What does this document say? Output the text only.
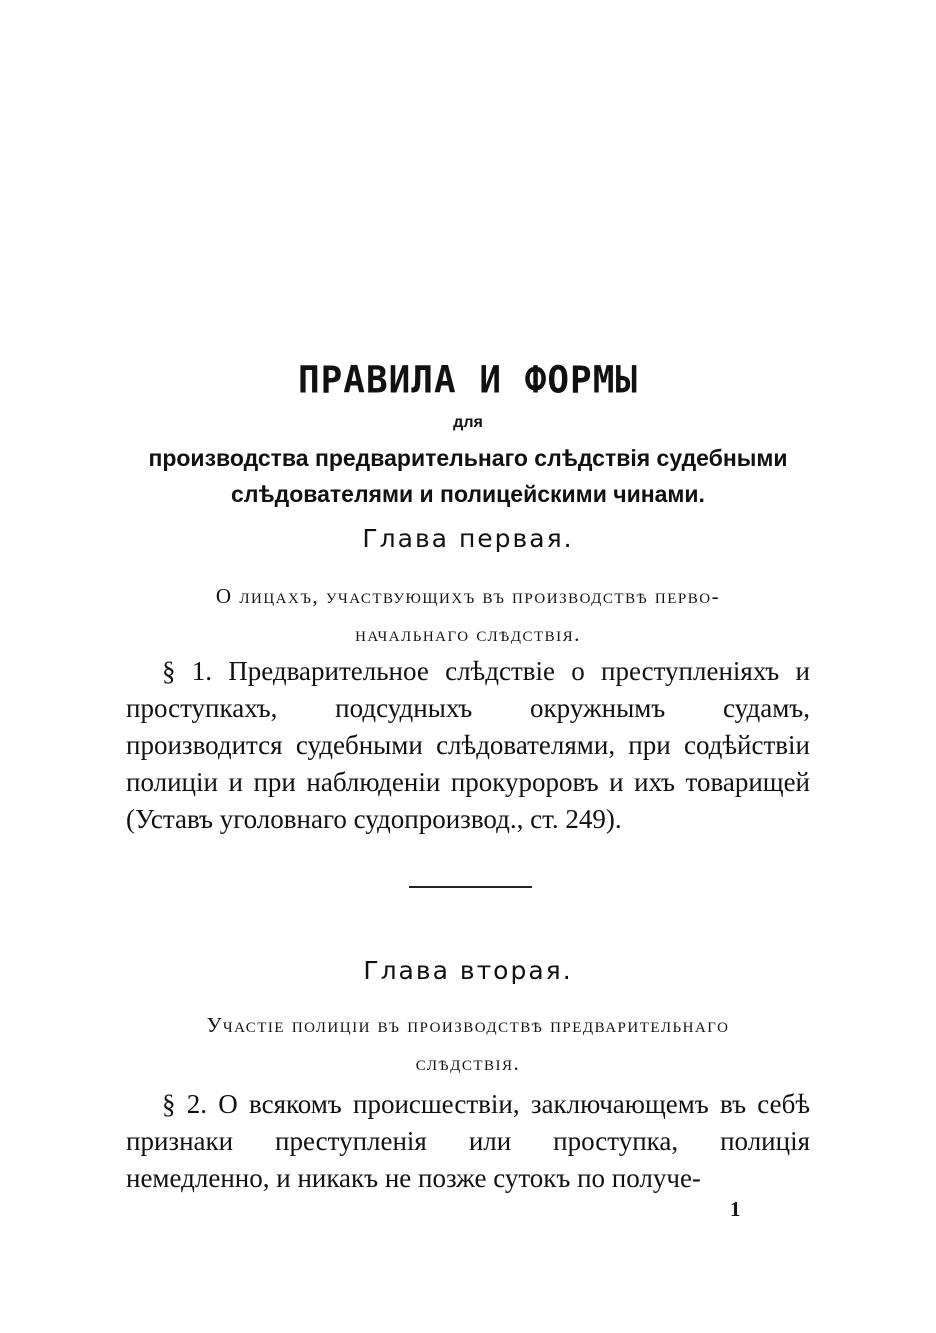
ПРАВИЛА И ФОРМЫ
для
производства предварительнаго слѣдствія судебными
слѣдователями и полицейскими чинами.
Глава первая.
О лицахъ, участвующихъ въ производствѣ перво-
начальнаго слѣдствія.
§ 1. Предварительное слѣдствіе о преступленіяхъ и проступкахъ, подсудныхъ окружнымъ судамъ, производится судебными слѣдователями, при содѣйствіи полиціи и при наблюденіи прокуроровъ и ихъ товарищей (Уставъ уголовнаго судопроизвод., ст. 249).
Глава вторая.
Участіе полиціи въ производствѣ предварительнаго
слѣдствія.
§ 2. О всякомъ происшествіи, заключающемъ въ себѣ признаки преступленія или проступка, полиція немедленно, и никакъ не позже сутокъ по получе-
1
